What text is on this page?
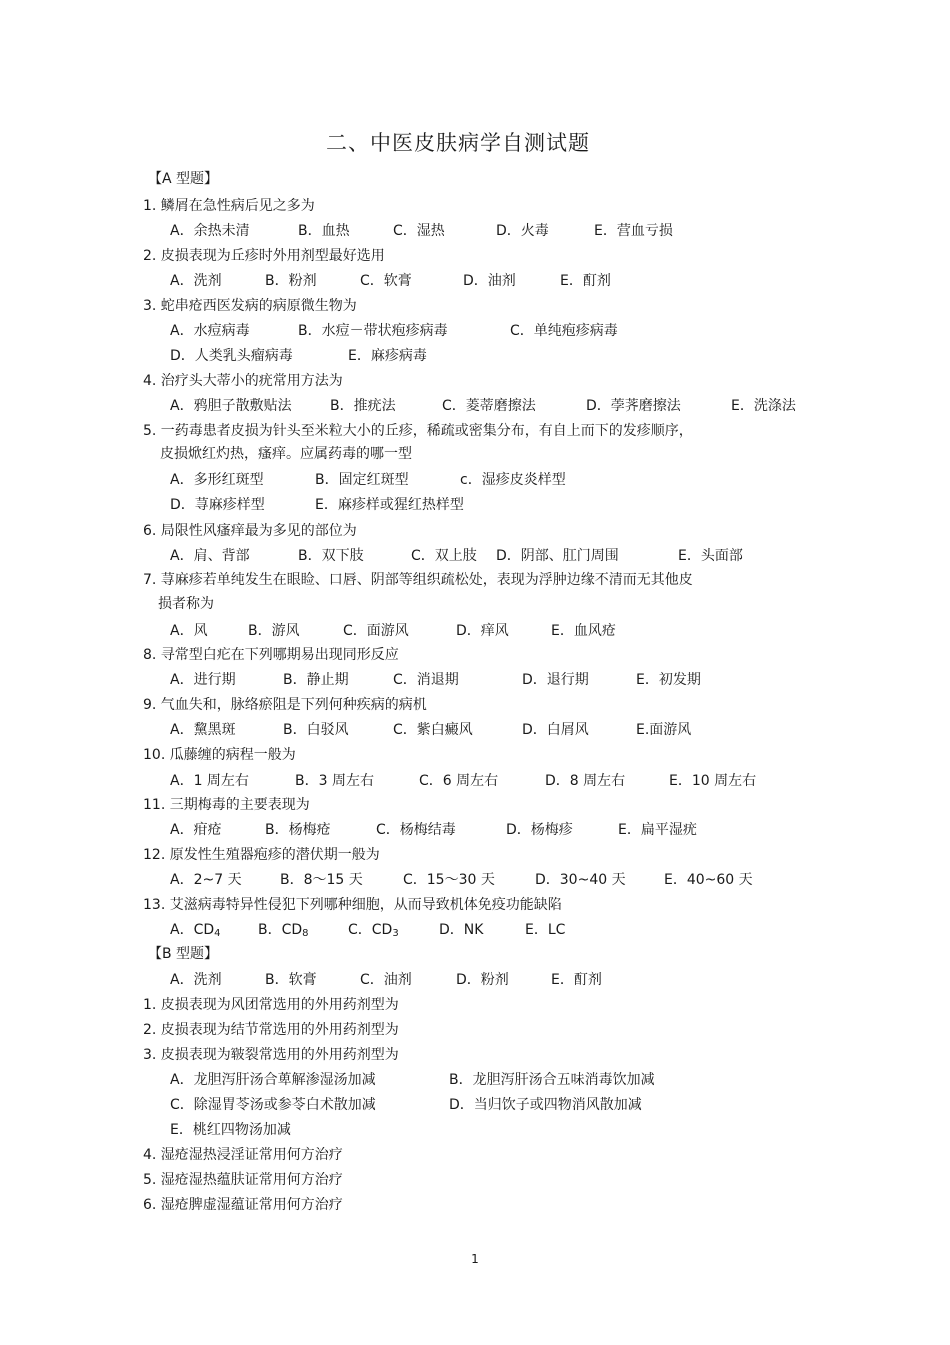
二、中医皮肤病学自测试题
【A 型题】
1. 鳞屑在急性病后见之多为
A．余热未清	B．血热	C．湿热	D．火毒	E．营血亏损
2. 皮损表现为丘疹时外用剂型最好选用
A．洗剂	B．粉剂	C．软膏	D．油剂	E．酊剂
3. 蛇串疮西医发病的病原微生物为
A．水痘病毒	B．水痘－带状疱疹病毒	C．单纯疱疹病毒
D．人类乳头瘤病毒	E．麻疹病毒
4. 治疗头大蒂小的疣常用方法为
A．鸦胆子散敷贴法	B．推疣法	C．菱蒂磨擦法	D．荸荠磨擦法	E．洗涤法
5. 一药毒患者皮损为针头至米粒大小的丘疹，稀疏或密集分布，有自上而下的发疹顺序，
皮损焮红灼热，瘙痒。应属药毒的哪一型
A．多形红斑型	B．固定红斑型	c．湿疹皮炎样型
D．荨麻疹样型	E．麻疹样或猩红热样型
6. 局限性风瘙痒最为多见的部位为
A．肩、背部	B．双下肢	C．双上肢 D．阴部、肛门周围	E．头面部
7. 荨麻疹若单纯发生在眼睑、口唇、阴部等组织疏松处，表现为浮肿边缘不清而无其他皮
损者称为
A．风	B．游风	C．面游风	D．痒风	E．血风疮
8. 寻常型白疕在下列哪期易出现同形反应
A．进行期	B．静止期	C．消退期	D．退行期	E．初发期
9. 气血失和，脉络瘀阻是下列何种疾病的病机
A．黧黑斑	B．白驳风	C．紫白癜风	D．白屑风	E.面游风
10. 瓜藤缠的病程一般为
A．1 周左右	B．3 周左右	C．6 周左右	D．8 周左右	E．10 周左右
11. 三期梅毒的主要表现为
A．疳疮	B．杨梅疮	C．杨梅结毒	D．杨梅疹	E．扁平湿疣
12. 原发性生殖器疱疹的潜伏期一般为
A．2~7 天	B．8～15 天	C．15～30 天	D．30~40 天	E．40~60 天
13. 艾滋病毒特异性侵犯下列哪种细胞，从而导致机体免疫功能缺陷
A．$CD_4$	B．$CD_8$	C．$CD_3$	D．NK	E．LC
【B 型题】
A．洗剂	B．软膏	C．油剂	D．粉剂	E．酊剂
1. 皮损表现为风团常选用的外用药剂型为
2. 皮损表现为结节常选用的外用药剂型为
3. 皮损表现为皲裂常选用的外用药剂型为
A．龙胆泻肝汤合萆解渗湿汤加减	B．龙胆泻肝汤合五味消毒饮加减
C．除湿胃苓汤或参苓白术散加减	D．当归饮子或四物消风散加减
E．桃红四物汤加减
4. 湿疮湿热浸淫证常用何方治疗
5. 湿疮湿热蕴肤证常用何方治疗
6. 湿疮脾虚湿蕴证常用何方治疗
1
